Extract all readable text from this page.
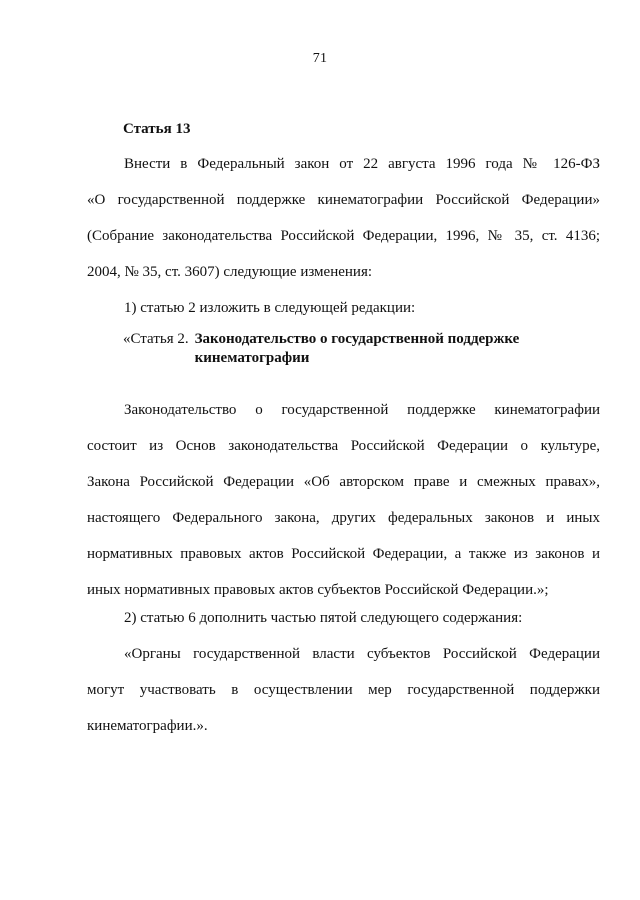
71
Статья 13
Внести в Федеральный закон от 22 августа 1996 года № 126-ФЗ
«О государственной поддержке кинематографии Российской Федерации»
(Собрание законодательства Российской Федерации, 1996, № 35, ст. 4136;
2004, № 35, ст. 3607) следующие изменения:
1) статью 2 изложить в следующей редакции:
«Статья 2. Законодательство о государственной поддержке кинематографии
Законодательство о государственной поддержке кинематографии
состоит из Основ законодательства Российской Федерации о культуре,
Закона Российской Федерации «Об авторском праве и смежных правах»,
настоящего Федерального закона, других федеральных законов и иных
нормативных правовых актов Российской Федерации, а также из законов и
иных нормативных правовых актов субъектов Российской Федерации.»;
2) статью 6 дополнить частью пятой следующего содержания:
«Органы государственной власти субъектов Российской Федерации
могут участвовать в осуществлении мер государственной поддержки
кинематографии.».
